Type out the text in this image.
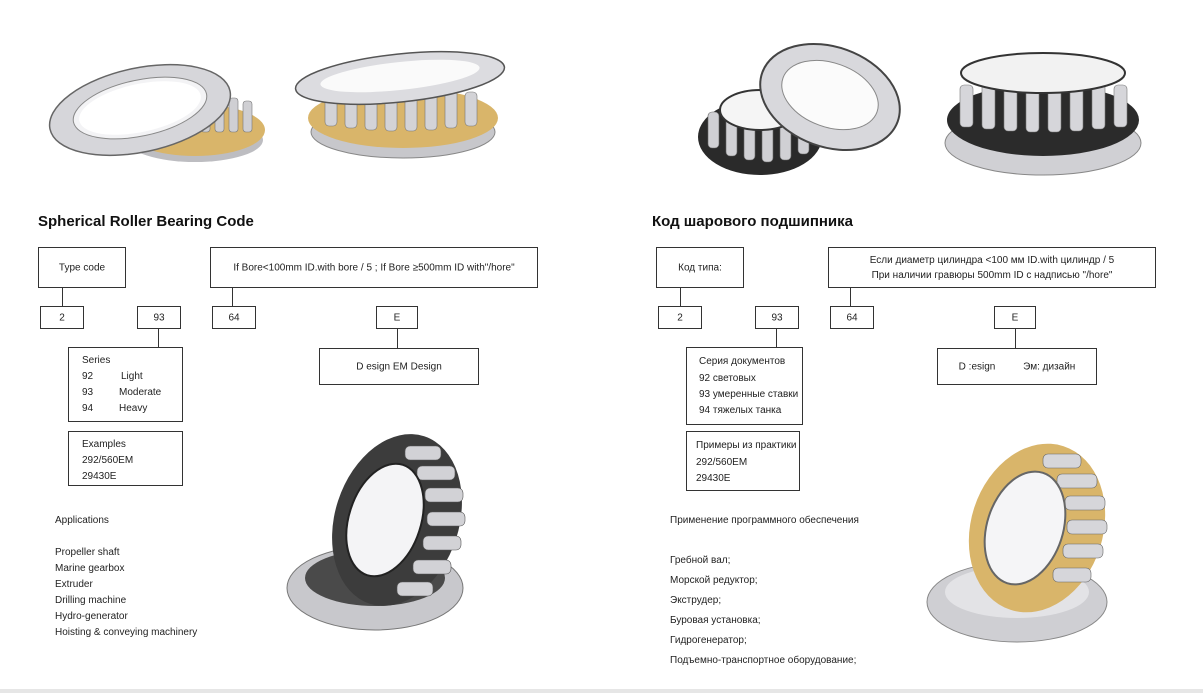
Spherical Roller Bearing Code
Type code	If Bore<100mm ID.with bore / 5 ; If Bore ≥500mm ID with"/hore"
2	93	64	E
Series
92	Light
93	Moderate
94	Heavy
D esign EM Design
Examples
292/560EM
29430E
Applications
Propeller shaft
Marine gearbox
Extruder
Drilling machine
Hydro-generator
Hoisting & conveying machinery
Код шарового подшипника
Код типа:
Если диаметр цилиндра <100 мм ID.with цилиндр / 5
При наличии гравюры 500mm ID с надписью "/hore"
2	93	64	E
Серия документов
92 световых
93 умеренные ставки
94 тяжелых танка
D :esign          Эм: дизайн
Примеры из практики
292/560EM
29430E
Применение программного обеспечения
Гребной вал;
Морской редуктор;
Экструдер;
Буровая установка;
Гидрогенератор;
Подъемно-транспортное оборудование;
